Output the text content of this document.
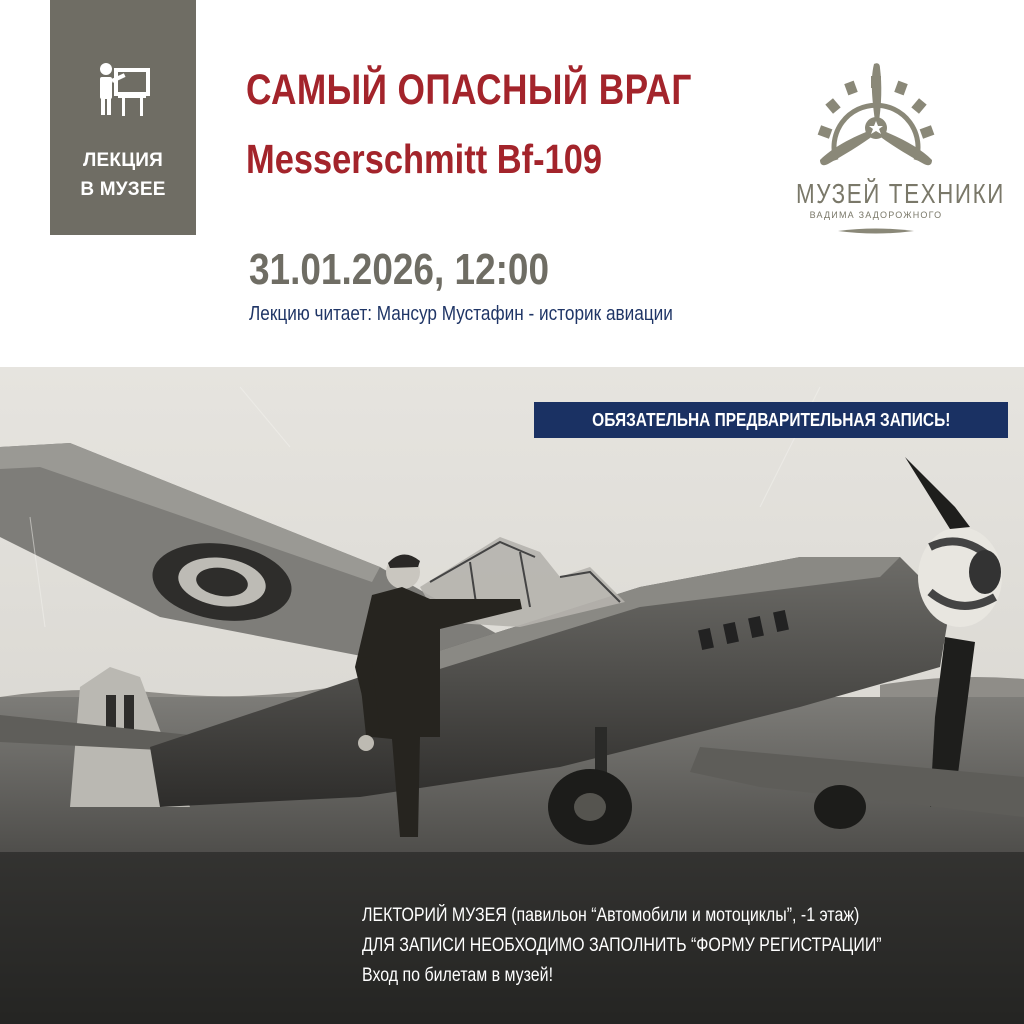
ЛЕКЦИЯ
В МУЗЕЕ
САМЫЙ ОПАСНЫЙ ВРАГ
Messerschmitt Bf-109
31.01.2026, 12:00
Лекцию читает: Мансур Мустафин - историк авиации
МУЗЕЙ ТЕХНИКИ
ВАДИМА ЗАДОРОЖНОГО
ОБЯЗАТЕЛЬНА ПРЕДВАРИТЕЛЬНАЯ ЗАПИСЬ!
ЛЕКТОРИЙ МУЗЕЯ (павильон “Автомобили и мотоциклы”, -1 этаж)
ДЛЯ ЗАПИСИ НЕОБХОДИМО ЗАПОЛНИТЬ “ФОРМУ РЕГИСТРАЦИИ”
Вход по билетам в музей!
